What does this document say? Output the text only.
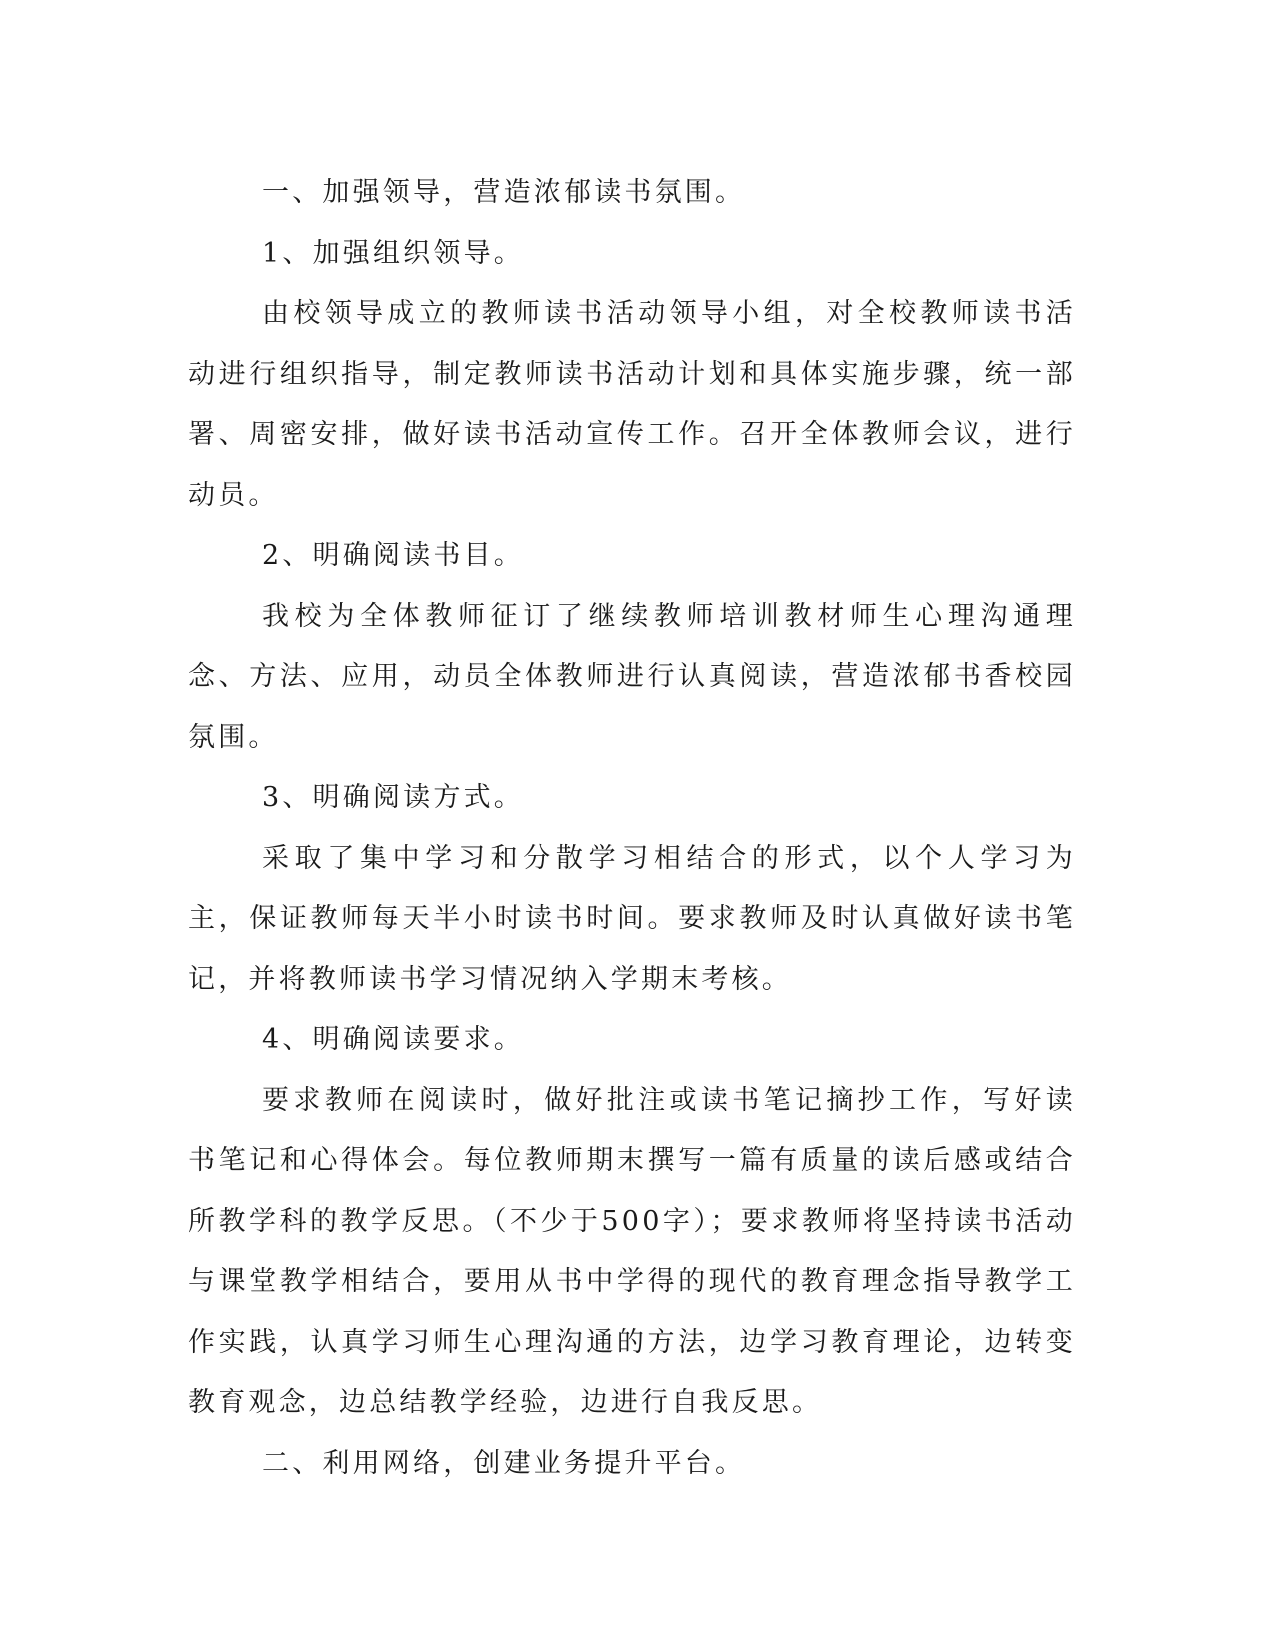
一、加强领导，营造浓郁读书氛围。

1、加强组织领导。

由校领导成立的教师读书活动领导小组，对全校教师读书活动进行组织指导，制定教师读书活动计划和具体实施步骤，统一部署、周密安排，做好读书活动宣传工作。召开全体教师会议，进行动员。

2、明确阅读书目。

我校为全体教师征订了继续教师培训教材师生心理沟通理念、方法、应用，动员全体教师进行认真阅读，营造浓郁书香校园氛围。

3、明确阅读方式。

采取了集中学习和分散学习相结合的形式，以个人学习为主，保证教师每天半小时读书时间。要求教师及时认真做好读书笔记，并将教师读书学习情况纳入学期末考核。

4、明确阅读要求。

要求教师在阅读时，做好批注或读书笔记摘抄工作，写好读书笔记和心得体会。每位教师期末撰写一篇有质量的读后感或结合所教学科的教学反思。（不少于500字）；要求教师将坚持读书活动与课堂教学相结合，要用从书中学得的现代的教育理念指导教学工作实践，认真学习师生心理沟通的方法，边学习教育理论，边转变教育观念，边总结教学经验，边进行自我反思。

二、利用网络，创建业务提升平台。
